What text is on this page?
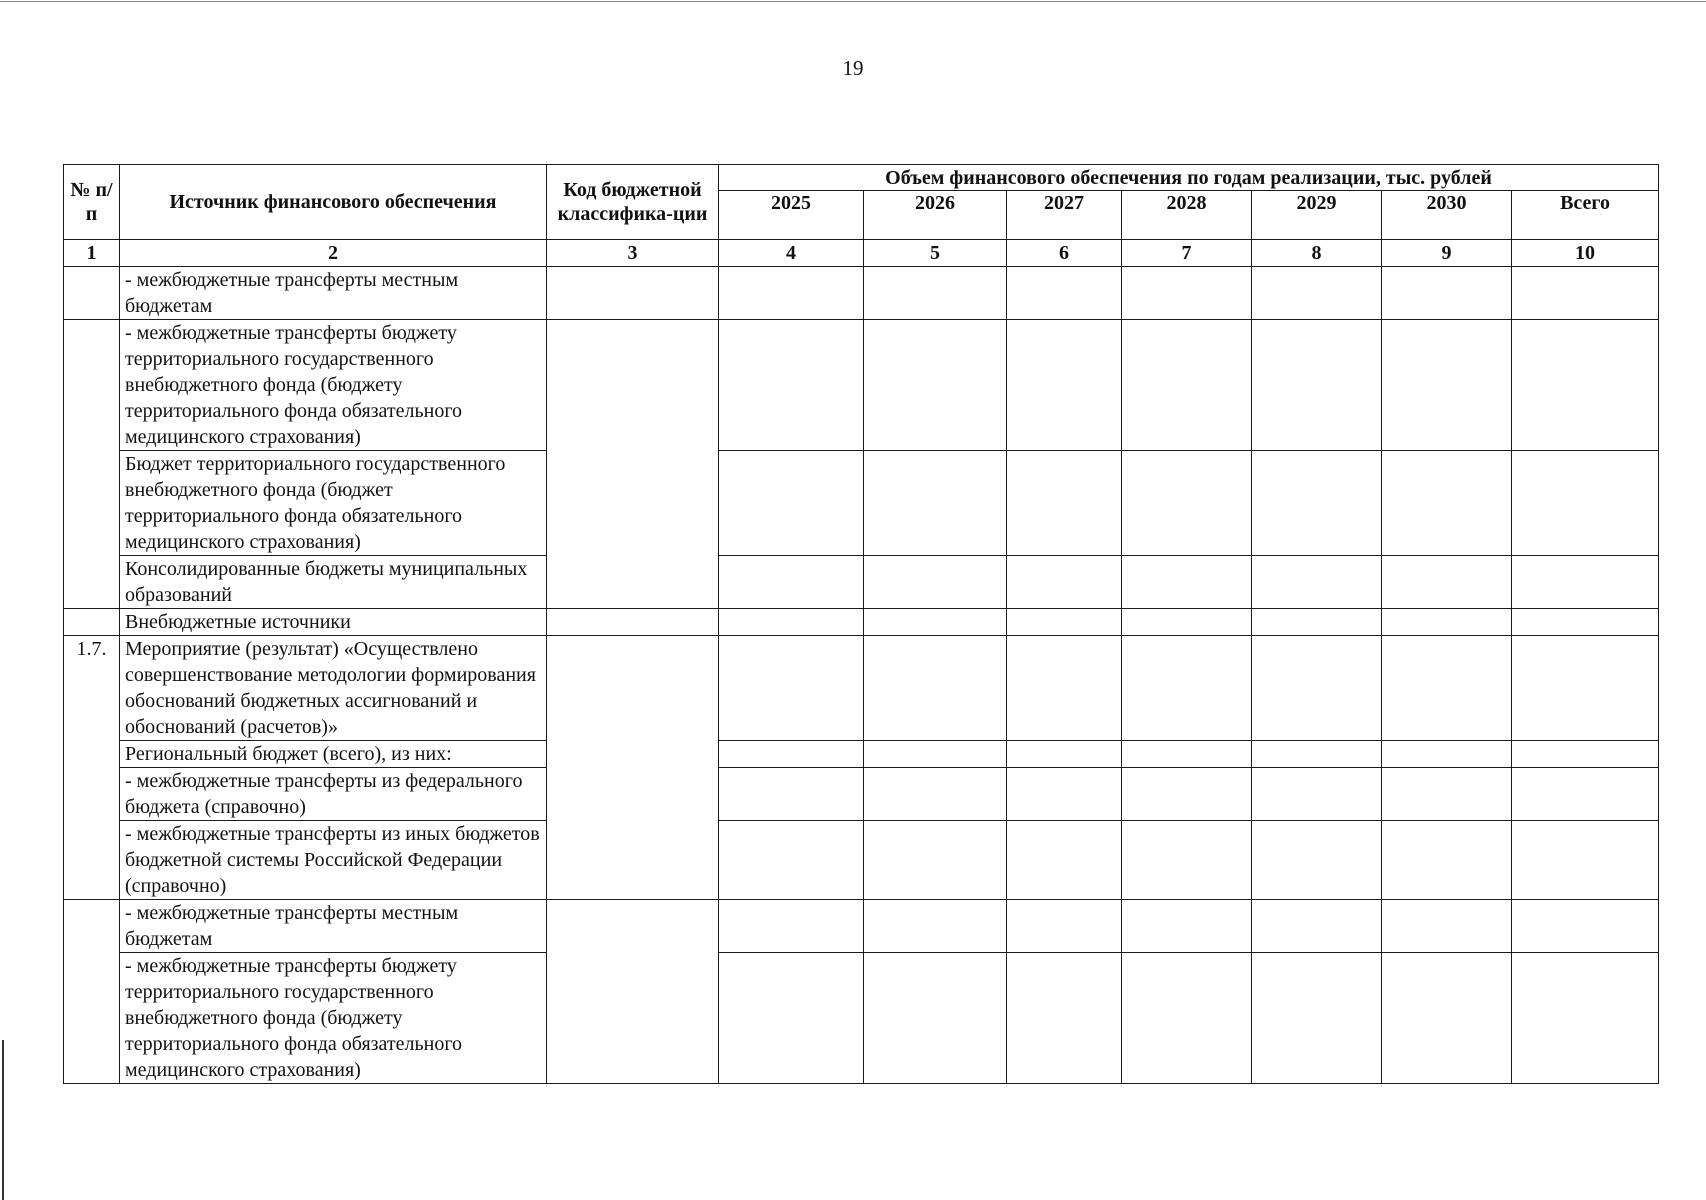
19
№ п/п	Источник финансового обеспечения	Код бюджетной классифика-ции	Объем финансового обеспечения по годам реализации, тыс. рублей						
			2025	2026	2027	2028	2029	2030	Всего
1	2	3	4	5	6	7	8	9	10
	- межбюджетные трансферты местным бюджетам								
	- межбюджетные трансферты бюджету территориального государственного внебюджетного фонда (бюджету территориального фонда обязательного медицинского страхования)								
	Бюджет территориального государственного внебюджетного фонда (бюджет территориального фонда обязательного медицинского страхования)								
	Консолидированные бюджеты муниципальных образований								
	Внебюджетные источники								
1.7.	Мероприятие (результат) «Осуществлено совершенствование методологии формирования обоснований бюджетных ассигнований и обоснований (расчетов)»								
	Региональный бюджет (всего), из них:								
	- межбюджетные трансферты из федерального бюджета (справочно)								
	- межбюджетные трансферты из иных бюджетов бюджетной системы Российской Федерации (справочно)								
	- межбюджетные трансферты местным бюджетам								
	- межбюджетные трансферты бюджету территориального государственного внебюджетного фонда (бюджету территориального фонда обязательного медицинского страхования)								
